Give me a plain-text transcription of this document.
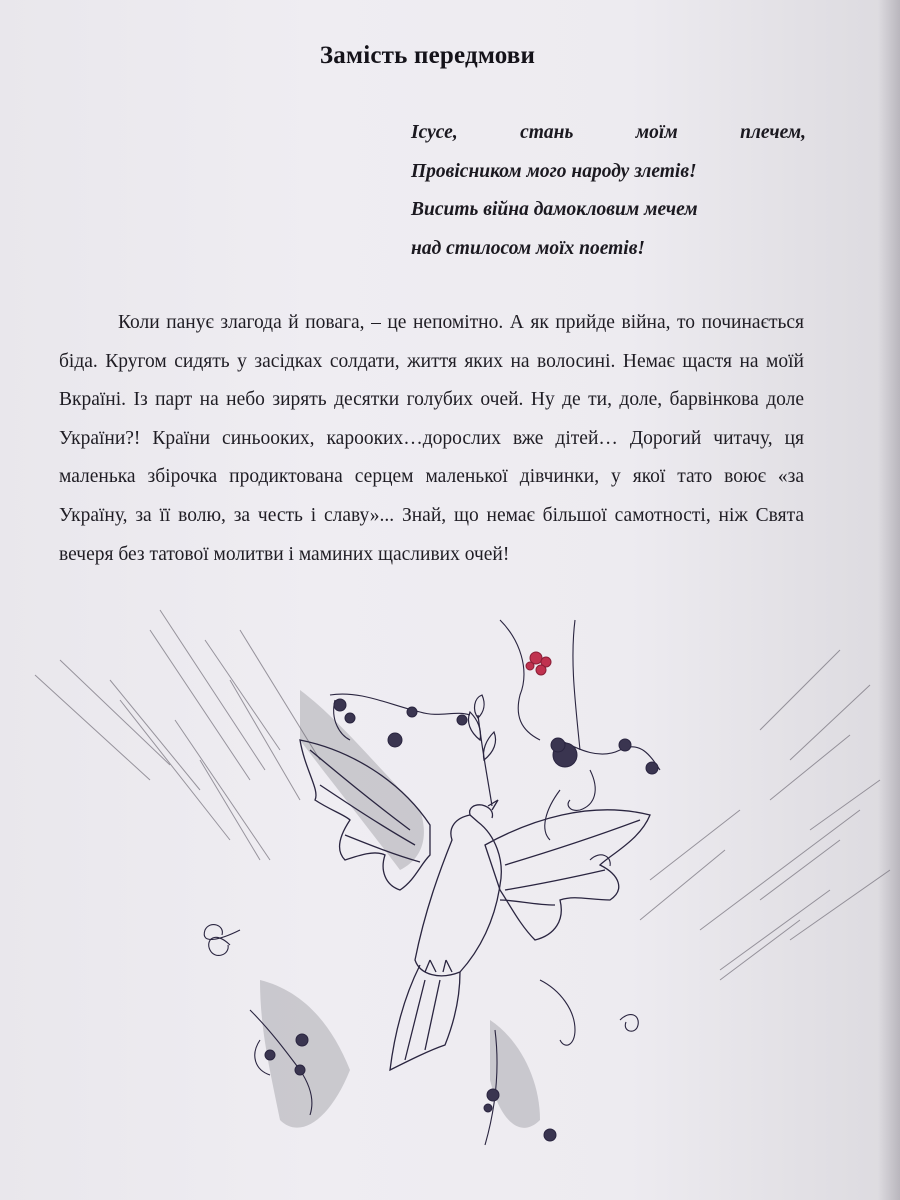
Замість передмови
Ісусе,	стань	моїм	плечем,
Провісником мого народу злетів!
Висить війна дамокловим мечем
над стилосом моїх поетів!

Коли панує злагода й повага, – це непомітно. А як прийде війна, то починається біда. Кругом сидять у засідках солдати, життя яких на волосині. Немає щастя на моїй Вкраїні. Із парт на небо зирять десятки голубих очей. Ну де ти, доле, барвінкова доле України?! Країни синьооких, карооких…дорослих вже дітей… Дорогий читачу, ця маленька збірочка продиктована серцем маленької дівчинки, у якої тато воює «за Україну, за її волю, за честь і славу»... Знай, що немає більшої самотності, ніж Свята вечеря без татової молитви і маминих щасливих очей!
